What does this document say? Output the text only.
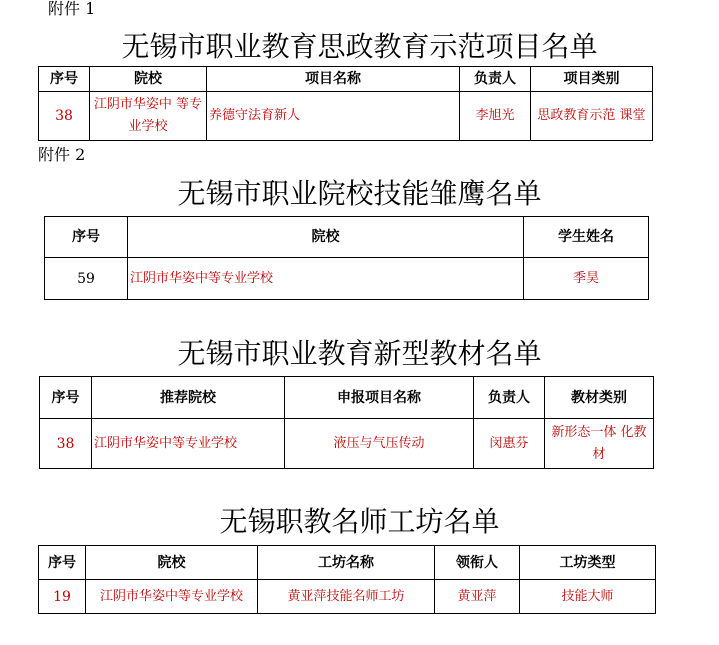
附件 1
无锡市职业教育思政教育示范项目名单
序号	院校	项目名称	负责人	项目类别
38	江阴市华姿中 等专业学校	养德守法育新人	李旭光	思政教育示范 课堂
附件 2
无锡市职业院校技能雏鹰名单
序号	院校	学生姓名
59	江阴市华姿中等专业学校	季昊
无锡市职业教育新型教材名单
序号	推荐院校	申报项目名称	负责人	教材类别
38	江阴市华姿中等专业学校	液压与气压传动	闵惠芬	新形态一体 化教材
无锡职教名师工坊名单
序号	院校	工坊名称	领衔人	工坊类型
19	江阴市华姿中等专业学校	黄亚萍技能名师工坊	黄亚萍	技能大师
